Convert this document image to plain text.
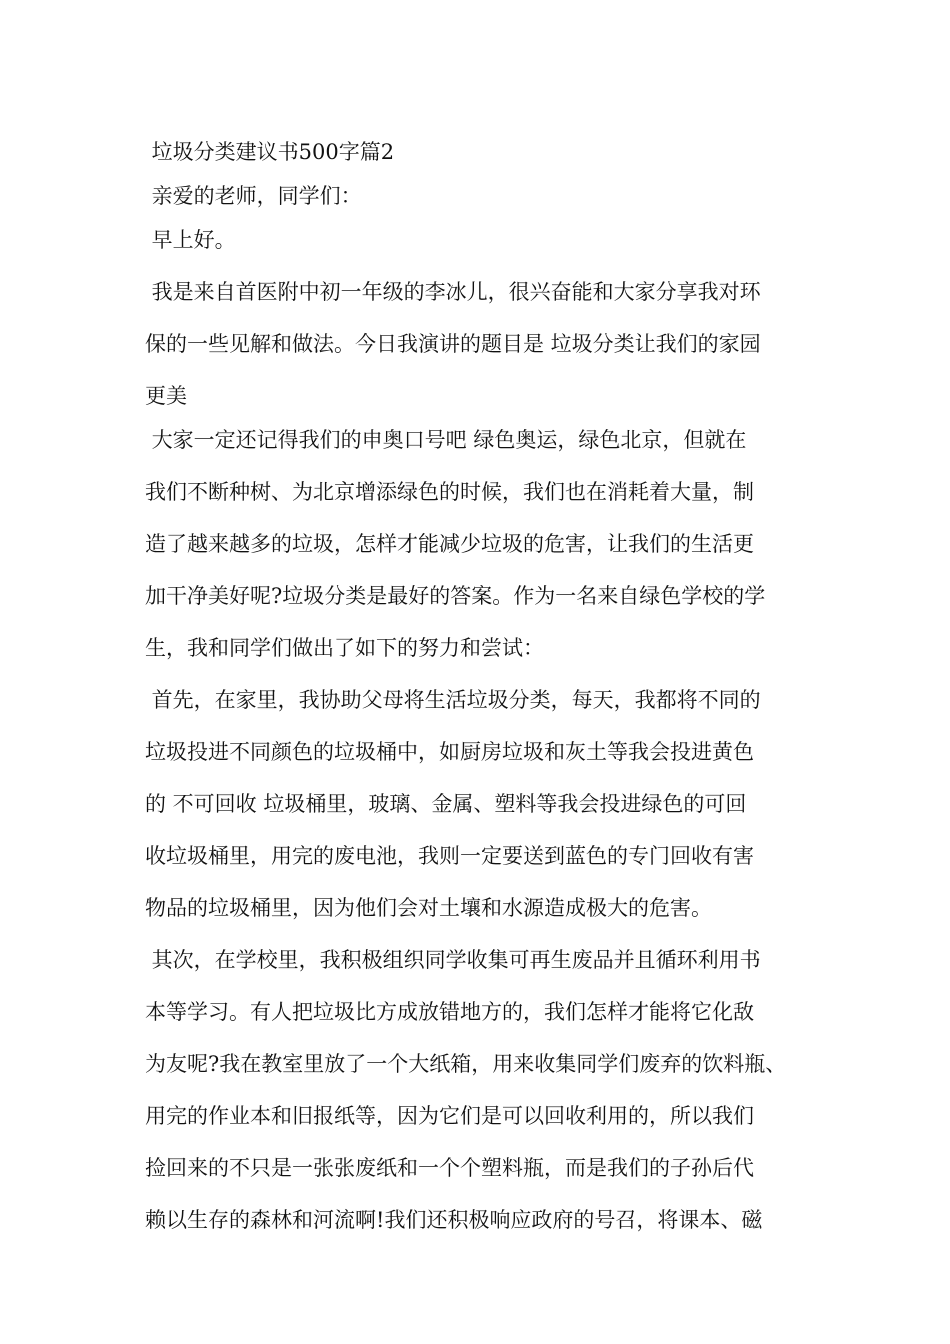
垃圾分类建议书500字篇2
亲爱的老师，同学们：
早上好。
我是来自首医附中初一年级的李冰儿，很兴奋能和大家分享我对环
保的一些见解和做法。今日我演讲的题目是 垃圾分类让我们的家园
更美
大家一定还记得我们的申奥口号吧 绿色奥运，绿色北京，但就在
我们不断种树、为北京增添绿色的时候，我们也在消耗着大量，制
造了越来越多的垃圾，怎样才能减少垃圾的危害，让我们的生活更
加干净美好呢?垃圾分类是最好的答案。作为一名来自绿色学校的学
生，我和同学们做出了如下的努力和尝试：
首先，在家里，我协助父母将生活垃圾分类，每天，我都将不同的
垃圾投进不同颜色的垃圾桶中，如厨房垃圾和灰土等我会投进黄色
的 不可回收 垃圾桶里，玻璃、金属、塑料等我会投进绿色的可回
收垃圾桶里，用完的废电池，我则一定要送到蓝色的专门回收有害
物品的垃圾桶里，因为他们会对土壤和水源造成极大的危害。
其次，在学校里，我积极组织同学收集可再生废品并且循环利用书
本等学习。有人把垃圾比方成放错地方的，我们怎样才能将它化敌
为友呢?我在教室里放了一个大纸箱，用来收集同学们废弃的饮料瓶、
用完的作业本和旧报纸等，因为它们是可以回收利用的，所以我们
捡回来的不只是一张张废纸和一个个塑料瓶，而是我们的子孙后代
赖以生存的森林和河流啊!我们还积极响应政府的号召，将课本、磁
